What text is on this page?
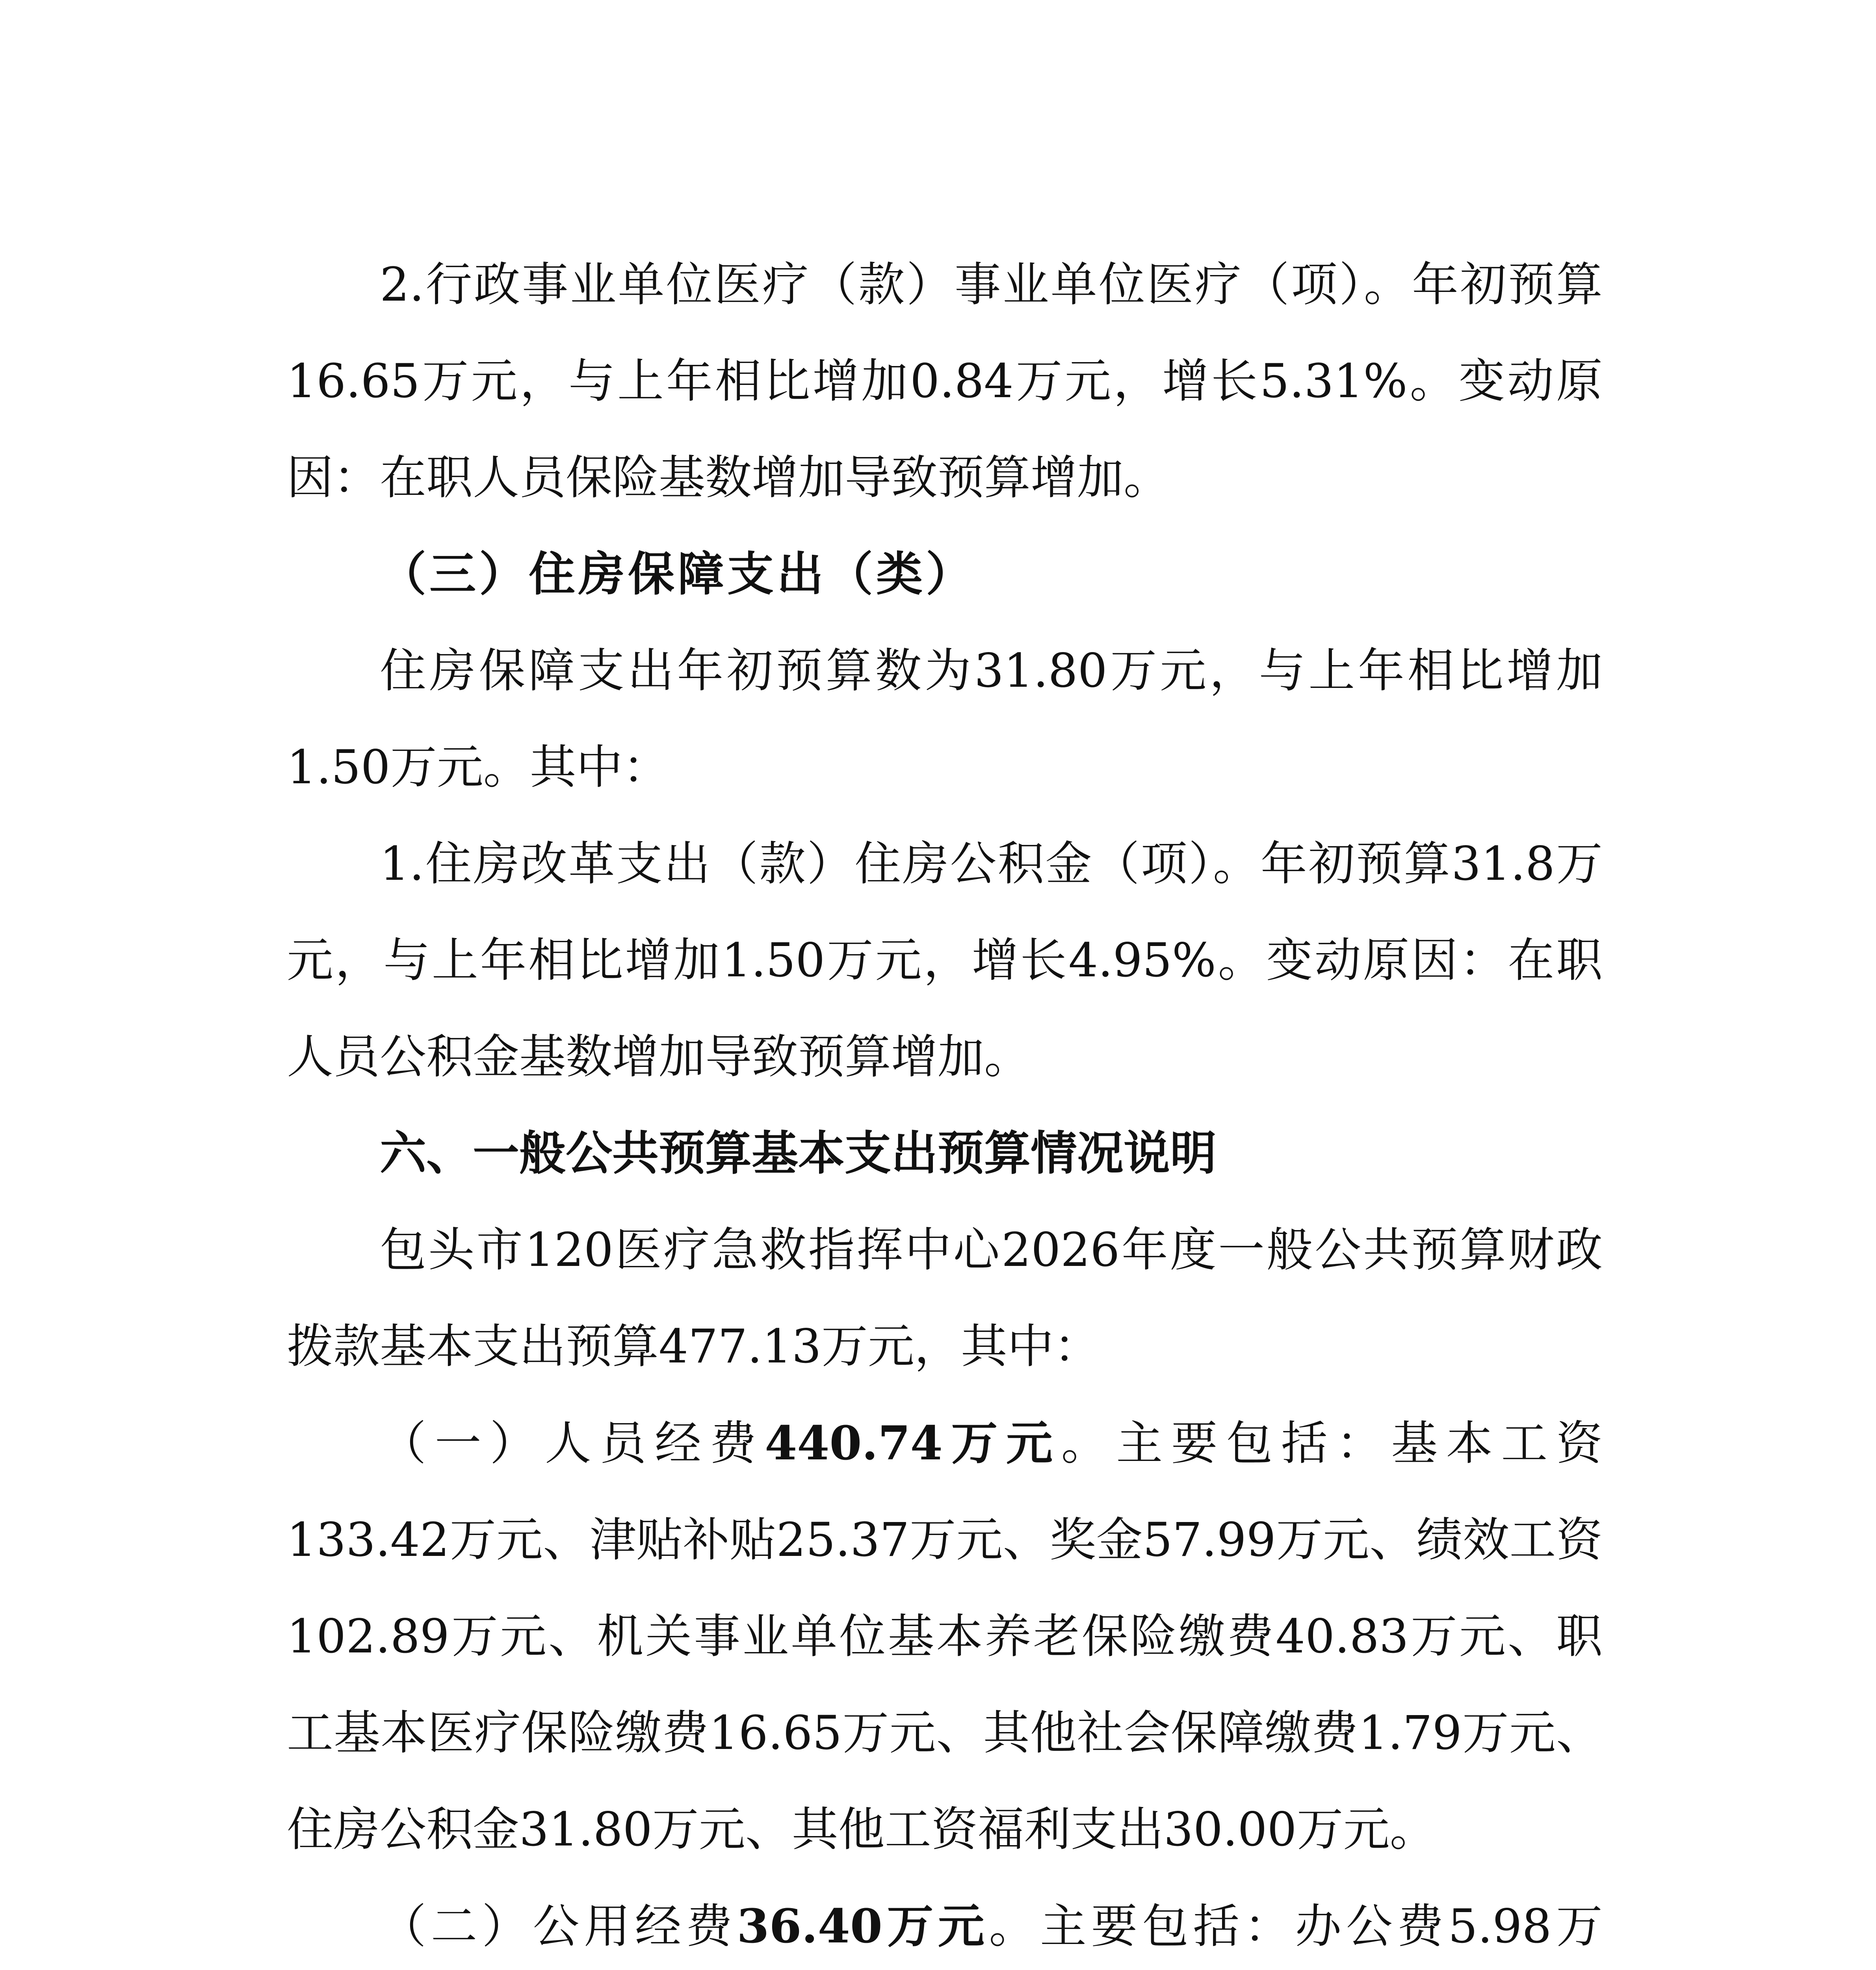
2.行政事业单位医疗（款）事业单位医疗（项）。年初预算16.65万元，与上年相比增加0.84万元，增长5.31%。变动原因：在职人员保险基数增加导致预算增加。

（三）住房保障支出（类）

住房保障支出年初预算数为31.80万元，与上年相比增加1.50万元。其中：

1.住房改革支出（款）住房公积金（项）。年初预算31.8万元，与上年相比增加1.50万元，增长4.95%。变动原因：在职人员公积金基数增加导致预算增加。

六、一般公共预算基本支出预算情况说明

包头市120医疗急救指挥中心2026年度一般公共预算财政拨款基本支出预算477.13万元，其中：

（一）人员经费440.74万元。主要包括：基本工资133.42万元、津贴补贴25.37万元、奖金57.99万元、绩效工资102.89万元、机关事业单位基本养老保险缴费40.83万元、职工基本医疗保险缴费16.65万元、其他社会保障缴费1.79万元、住房公积金31.80万元、其他工资福利支出30.00万元。

（二）公用经费36.40万元。主要包括：办公费5.98万
